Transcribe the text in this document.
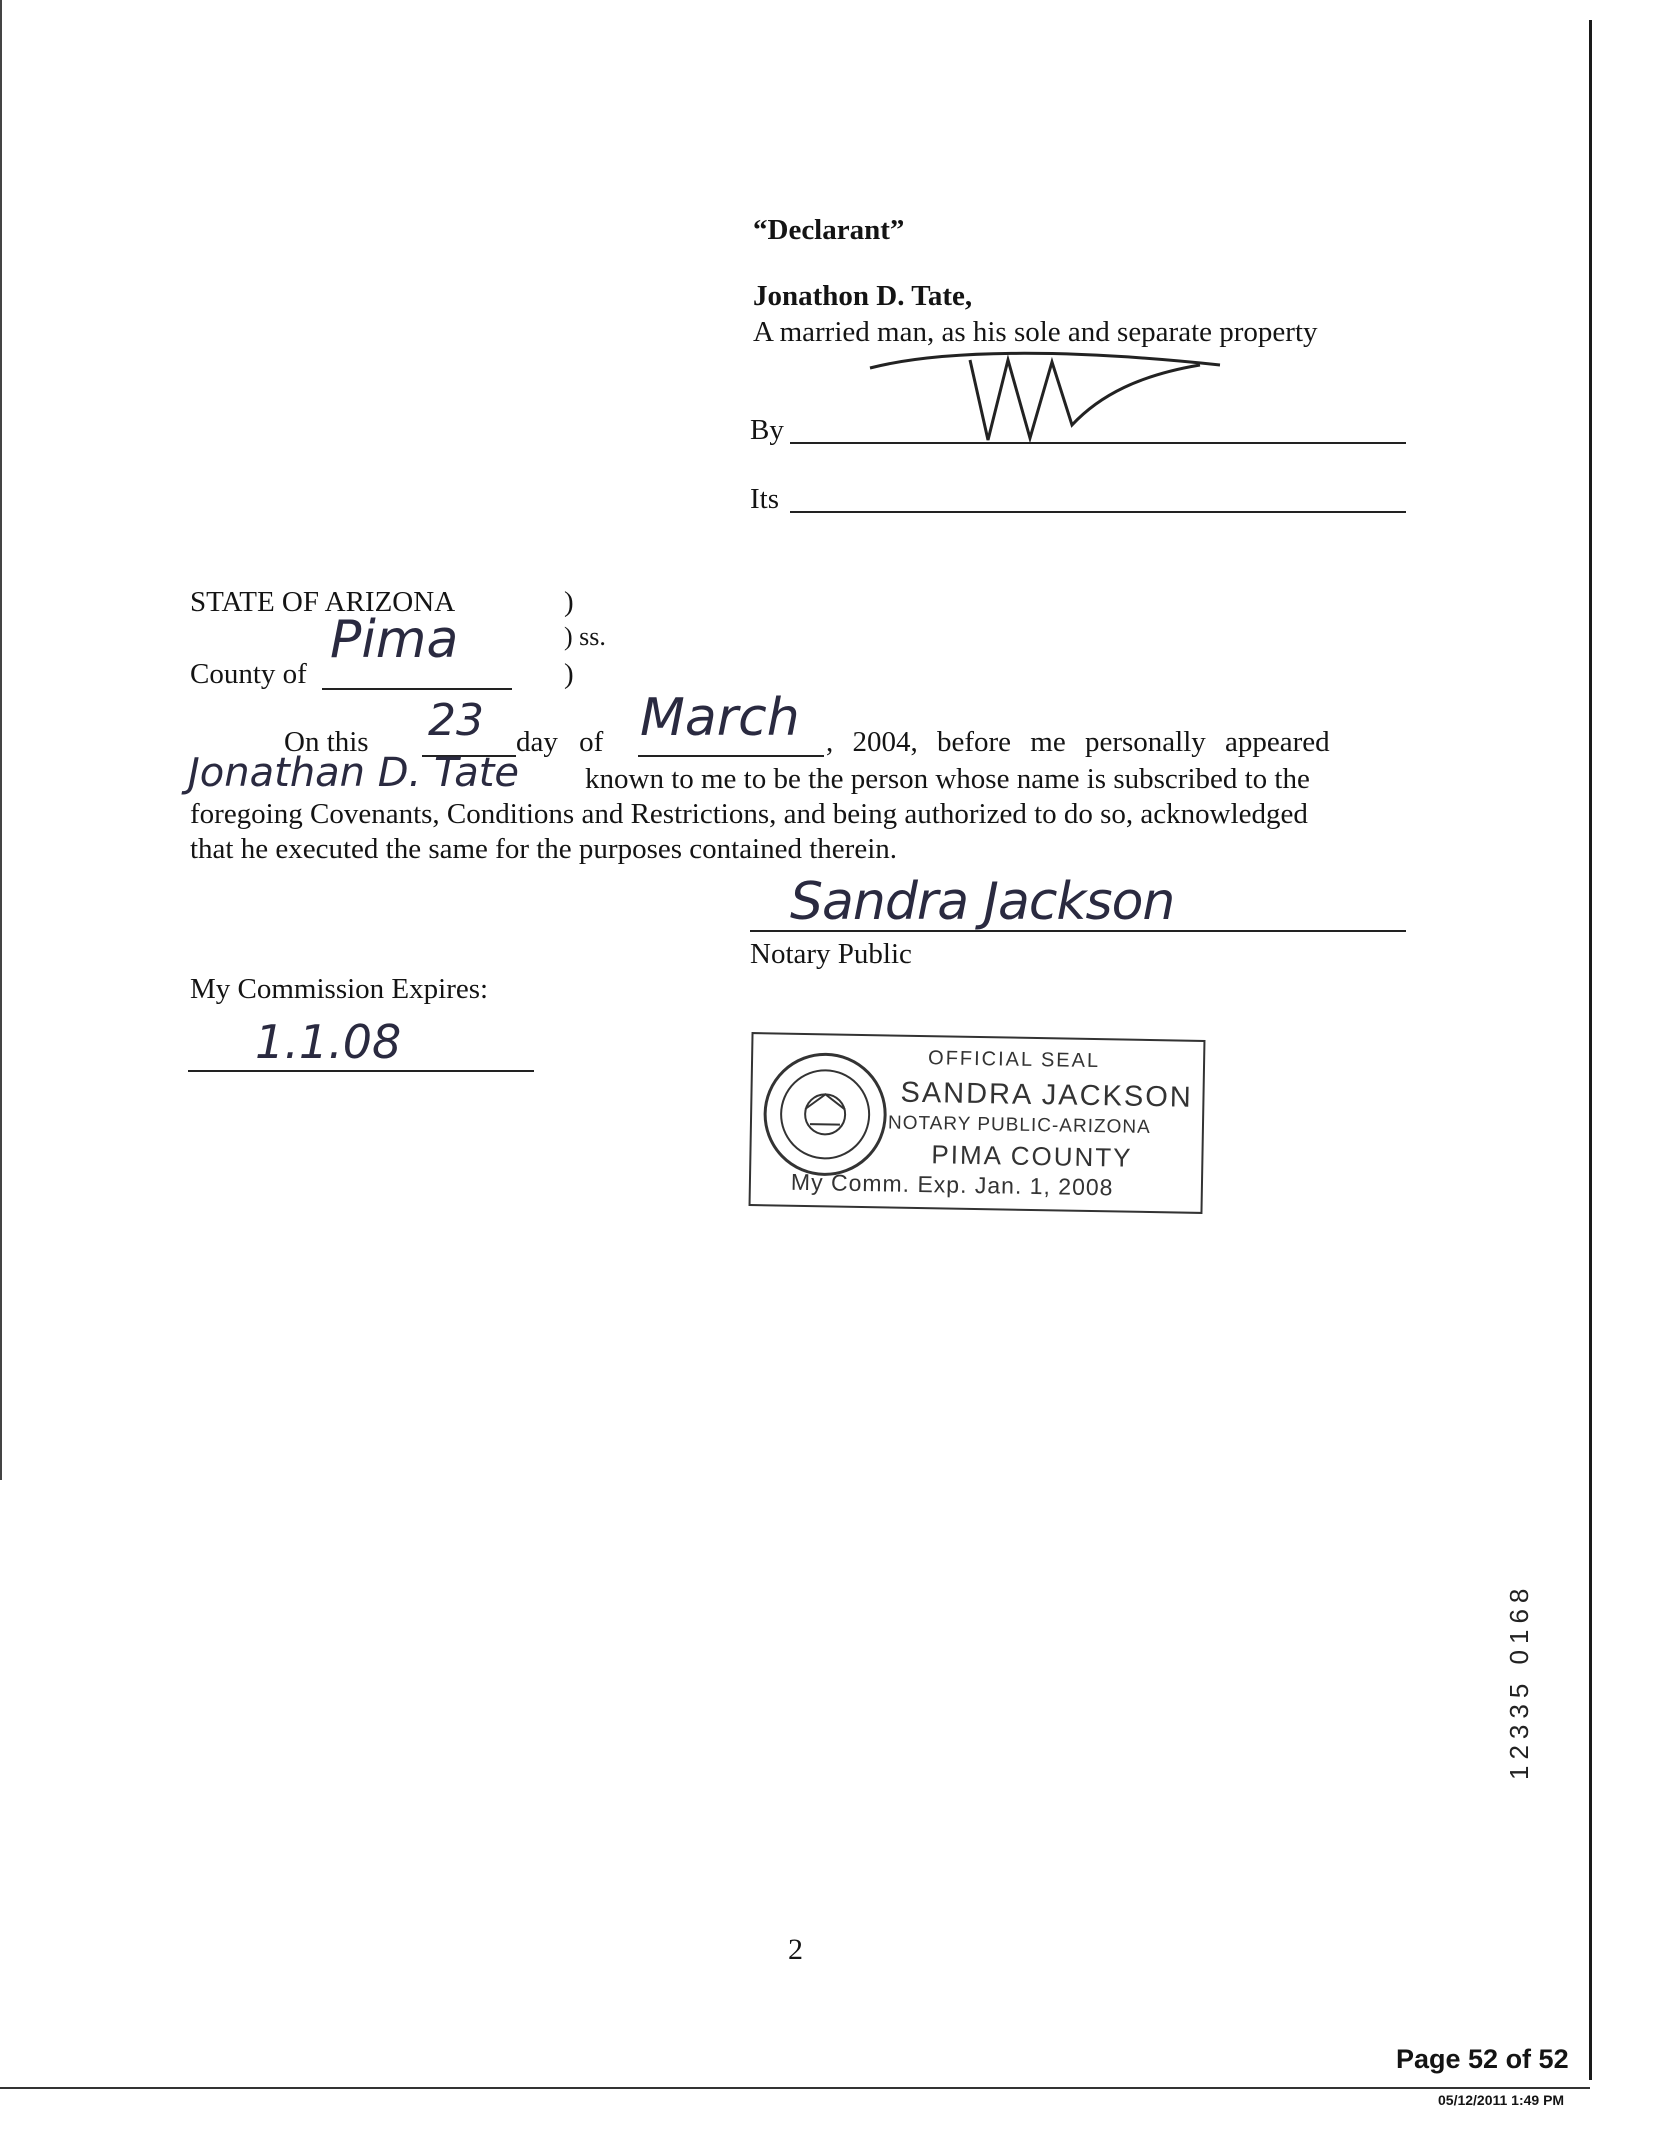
“Declarant”
Jonathon D. Tate,
A married man, as his sole and separate property
By
Its
STATE OF ARIZONA	)
) ss.
County of
Pima
)
On this 23 day of March , 2004, before me personally appeared
Jonathan D. Tate known to me to be the person whose name is subscribed to the
foregoing Covenants, Conditions and Restrictions, and being authorized to do so, acknowledged
that he executed the same for the purposes contained therein.
Sandra Jackson
Notary Public
My Commission Expires:
1.1.08	OFFICIAL SEAL
SANDRA JACKSON
NOTARY PUBLIC-ARIZONA
PIMA COUNTY
My Comm. Exp. Jan. 1, 2008
12335 0168
2
Page 52 of 52
05/12/2011 1:49 PM
